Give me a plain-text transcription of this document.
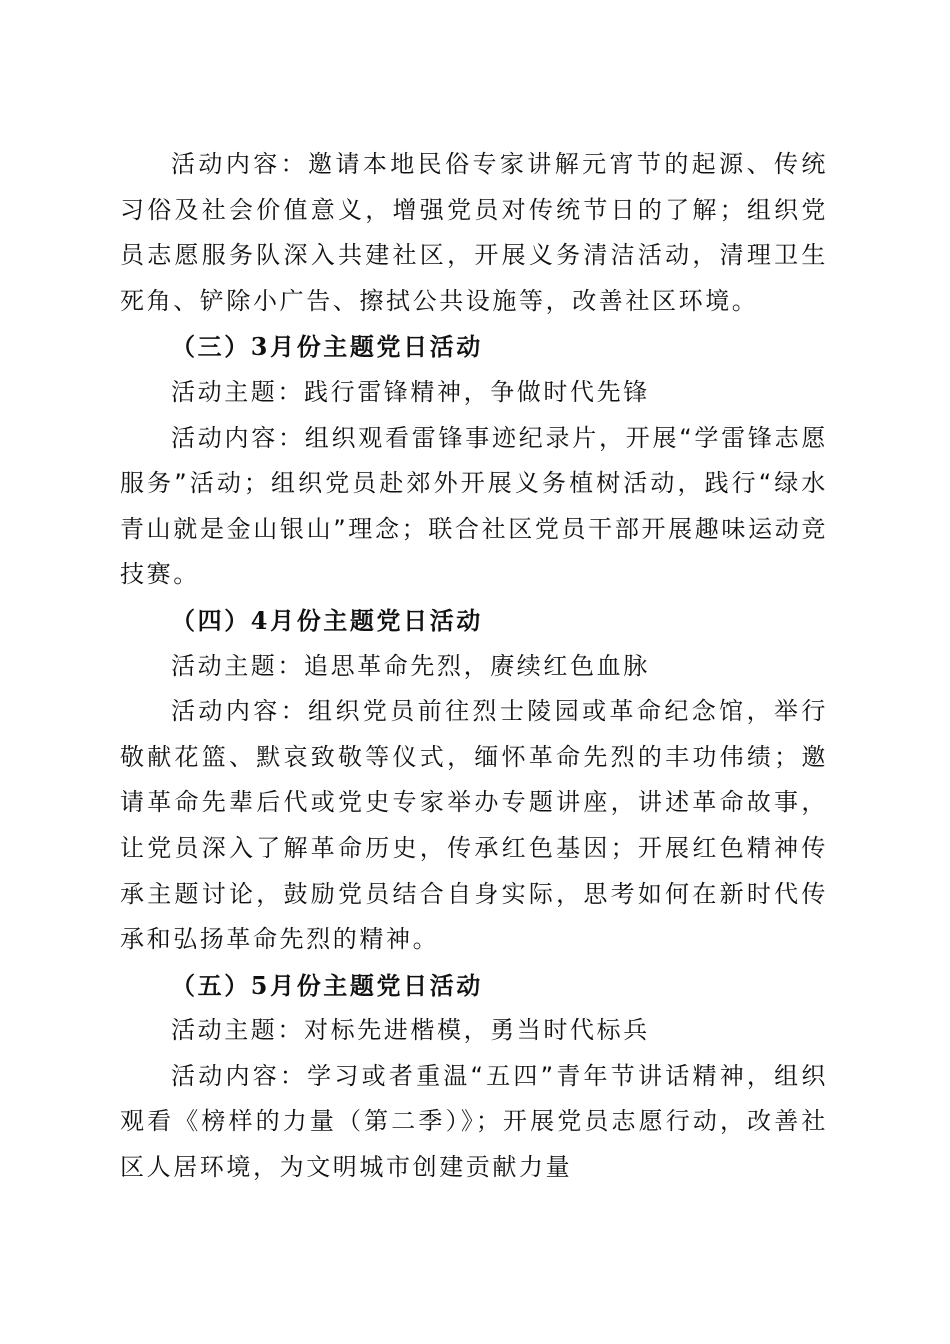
活动内容：邀请本地民俗专家讲解元宵节的起源、传统习俗及社会价值意义，增强党员对传统节日的了解；组织党员志愿服务队深入共建社区，开展义务清洁活动，清理卫生死角、铲除小广告、擦拭公共设施等，改善社区环境。

（三）3月份主题党日活动

活动主题：践行雷锋精神，争做时代先锋

活动内容：组织观看雷锋事迹纪录片，开展“学雷锋志愿服务”活动；组织党员赴郊外开展义务植树活动，践行“绿水青山就是金山银山”理念；联合社区党员干部开展趣味运动竞技赛。

（四）4月份主题党日活动

活动主题：追思革命先烈，赓续红色血脉

活动内容：组织党员前往烈士陵园或革命纪念馆，举行敬献花篮、默哀致敬等仪式，缅怀革命先烈的丰功伟绩；邀请革命先辈后代或党史专家举办专题讲座，讲述革命故事，让党员深入了解革命历史，传承红色基因；开展红色精神传承主题讨论，鼓励党员结合自身实际，思考如何在新时代传承和弘扬革命先烈的精神。

（五）5月份主题党日活动

活动主题：对标先进楷模，勇当时代标兵

活动内容：学习或者重温“五四”青年节讲话精神，组织观看《榜样的力量（第二季）》；开展党员志愿行动，改善社区人居环境，为文明城市创建贡献力量
